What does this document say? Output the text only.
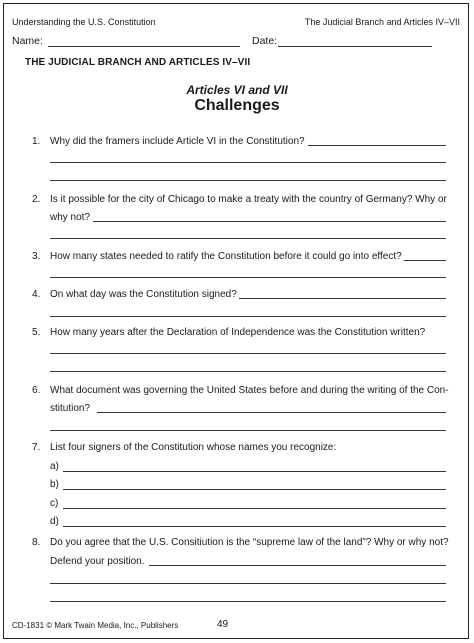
Understanding the U.S. Constitution	The Judicial Branch and Articles IV–VII
Name:	Date:
THE JUDICIAL BRANCH AND ARTICLES IV–VII
Articles VI and VII
Challenges
1. Why did the framers include Article VI in the Constitution?
2. Is it possible for the city of Chicago to make a treaty with the country of Germany? Why or
why not?
3. How many states needed to ratify the Constitution before it could go into effect?
4. On what day was the Constitution signed?
5. How many years after the Declaration of Independence was the Constitution written?
6. What document was governing the United States before and during the writing of the Con-
stitution?
7. List four signers of the Constitution whose names you recognize:
a)
b)
c)
d)
8. Do you agree that the U.S. Consitiution is the “supreme law of the land”? Why or why not?
Defend your position.
CD-1831 © Mark Twain Media, Inc., Publishers	49
